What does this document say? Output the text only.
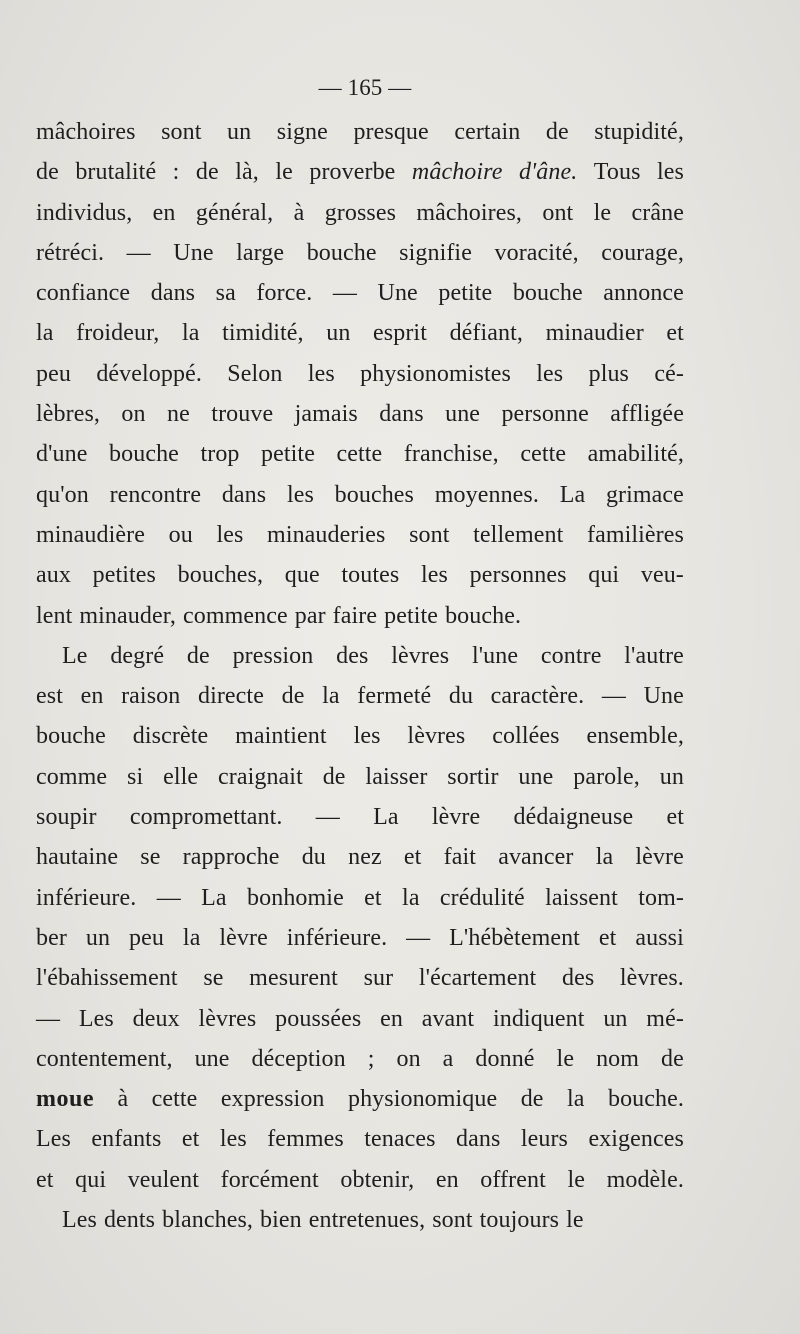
— 165 —
mâchoires sont un signe presque certain de stupidité,
de brutalité : de là, le proverbe mâchoire d'âne. Tous les
individus, en général, à grosses mâchoires, ont le crâne
rétréci. — Une large bouche signifie voracité, courage,
confiance dans sa force. — Une petite bouche annonce
la froideur, la timidité, un esprit défiant, minaudier et
peu développé. Selon les physionomistes les plus cé-
lèbres, on ne trouve jamais dans une personne affligée
d'une bouche trop petite cette franchise, cette amabilité,
qu'on rencontre dans les bouches moyennes. La grimace
minaudière ou les minauderies sont tellement familières
aux petites bouches, que toutes les personnes qui veu-
lent minauder, commence par faire petite bouche.
Le degré de pression des lèvres l'une contre l'autre
est en raison directe de la fermeté du caractère. — Une
bouche discrète maintient les lèvres collées ensemble,
comme si elle craignait de laisser sortir une parole, un
soupir compromettant. — La lèvre dédaigneuse et
hautaine se rapproche du nez et fait avancer la lèvre
inférieure. — La bonhomie et la crédulité laissent tom-
ber un peu la lèvre inférieure. — L'hébètement et aussi
l'ébahissement se mesurent sur l'écartement des lèvres.
— Les deux lèvres poussées en avant indiquent un mé-
contentement, une déception ; on a donné le nom de
moue à cette expression physionomique de la bouche.
Les enfants et les femmes tenaces dans leurs exigences
et qui veulent forcément obtenir, en offrent le modèle.
Les dents blanches, bien entretenues, sont toujours le
